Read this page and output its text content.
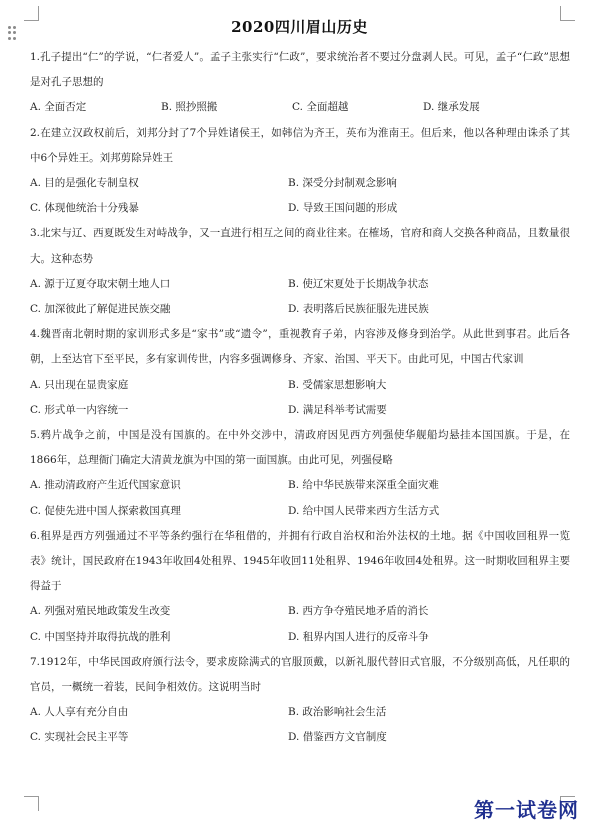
2020四川眉山历史

1.孔子提出“仁”的学说，“仁者爱人”。孟子主张实行“仁政”，要求统治者不要过分盘剥人民。可见，孟子“仁政”思想是对孔子思想的

A. 全面否定	B. 照抄照搬	C. 全面超越	D. 继承发展

2.在建立汉政权前后，刘邦分封了7个异姓诸侯王，如韩信为齐王，英布为淮南王。但后来，他以各种理由诛杀了其中6个异姓王。刘邦剪除异姓王

A. 目的是强化专制皇权	B. 深受分封制观念影响
C. 体现他统治十分残暴	D. 导致王国问题的形成

3.北宋与辽、西夏既发生对峙战争，又一直进行相互之间的商业往来。在榷场，官府和商人交换各种商品，且数量很大。这种态势

A. 源于辽夏夺取宋朝土地人口	B. 使辽宋夏处于长期战争状态
C. 加深彼此了解促进民族交融	D. 表明落后民族征服先进民族

4.魏晋南北朝时期的家训形式多是“家书”或“遗令”，重视教育子弟，内容涉及修身到治学。从此世到事君。此后各朝，上至达官下至平民，多有家训传世，内容多强调修身、齐家、治国、平天下。由此可见，中国古代家训

A. 只出现在显贵家庭	B. 受儒家思想影响大
C. 形式单一内容统一	D. 满足科举考试需要

5.鸦片战争之前，中国是没有国旗的。在中外交涉中，清政府因见西方列强使华舰船均悬挂本国国旗。于是，在1866年，总理衙门确定大清黄龙旗为中国的第一面国旗。由此可见，列强侵略

A. 推动清政府产生近代国家意识	B. 给中华民族带来深重全面灾难
C. 促使先进中国人探索救国真理	D. 给中国人民带来西方生活方式

6.租界是西方列强通过不平等条约强行在华租借的，并拥有行政自治权和治外法权的土地。据《中国收回租界一览表》统计，国民政府在1943年收回4处租界、1945年收回11处租界、1946年收回4处租界。这一时期收回租界主要得益于

A. 列强对殖民地政策发生改变	B. 西方争夺殖民地矛盾的消长
C. 中国坚持并取得抗战的胜利	D. 租界内国人进行的反帝斗争

7.1912年，中华民国政府颁行法令，要求废除满式的官服顶戴，以新礼服代替旧式官服，不分级别高低，凡任职的官员，一概统一着装，民间争相效仿。这说明当时

A. 人人享有充分自由	B. 政治影响社会生活
C. 实现社会民主平等	D. 借鉴西方文官制度
第一试卷网
